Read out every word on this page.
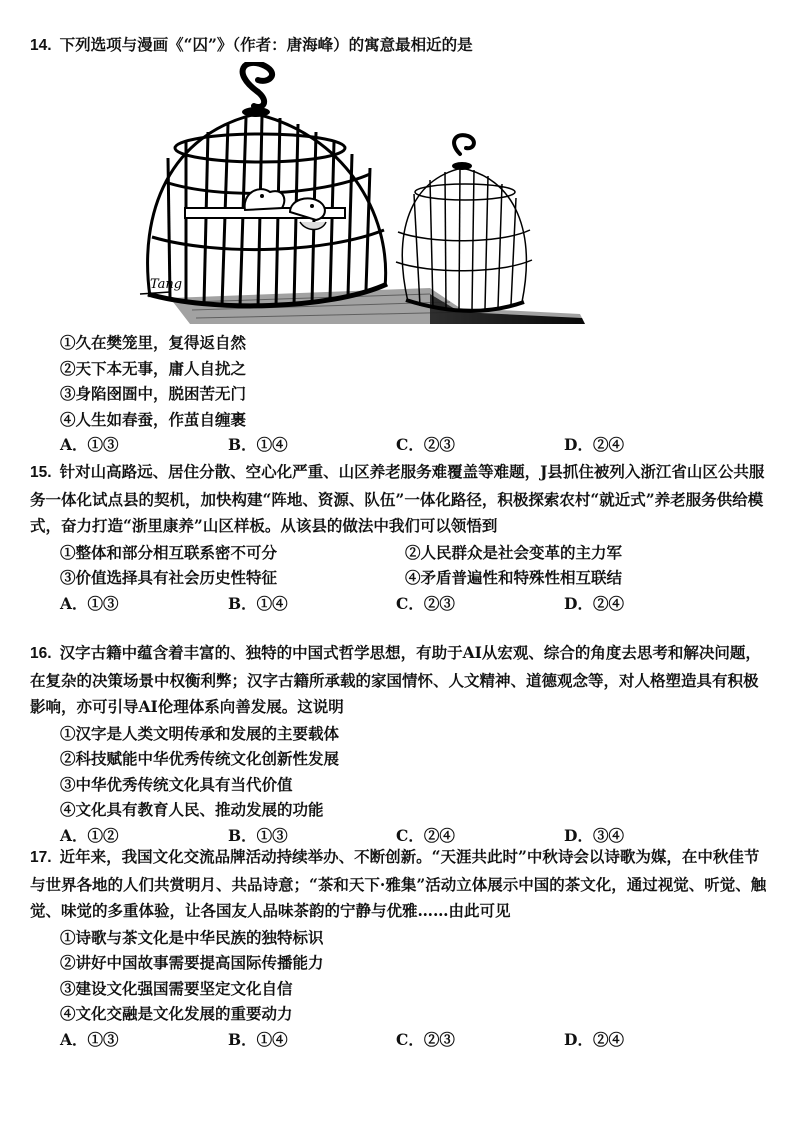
14. 下列选项与漫画《“囚”》（作者：唐海峰）的寓意最相近的是
Tang
①久在樊笼里，复得返自然
②天下本无事，庸人自扰之
③身陷囹圄中，脱困苦无门
④人生如春蚕，作茧自缠裹
A．①③	B．①④	C．②③	D．②④
15. 针对山高路远、居住分散、空心化严重、山区养老服务难覆盖等难题，J县抓住被列入浙江省山区公共服务一体化试点县的契机，加快构建“阵地、资源、队伍”一体化路径，积极探索农村“就近式”养老服务供给模式，奋力打造“浙里康养”山区样板。从该县的做法中我们可以领悟到
①整体和部分相互联系密不可分	②人民群众是社会变革的主力军
③价值选择具有社会历史性特征	④矛盾普遍性和特殊性相互联结
A．①③	B．①④	C．②③	D．②④
16. 汉字古籍中蕴含着丰富的、独特的中国式哲学思想，有助于AI从宏观、综合的角度去思考和解决问题，在复杂的决策场景中权衡利弊；汉字古籍所承载的家国情怀、人文精神、道德观念等，对人格塑造具有积极影响，亦可引导AI伦理体系向善发展。这说明
①汉字是人类文明传承和发展的主要载体
②科技赋能中华优秀传统文化创新性发展
③中华优秀传统文化具有当代价值
④文化具有教育人民、推动发展的功能
A．①②	B．①③	C．②④	D．③④
17. 近年来，我国文化交流品牌活动持续举办、不断创新。“天涯共此时”中秋诗会以诗歌为媒，在中秋佳节与世界各地的人们共赏明月、共品诗意；“茶和天下·雅集”活动立体展示中国的茶文化，通过视觉、听觉、触觉、味觉的多重体验，让各国友人品味茶韵的宁静与优雅……由此可见
①诗歌与茶文化是中华民族的独特标识
②讲好中国故事需要提高国际传播能力
③建设文化强国需要坚定文化自信
④文化交融是文化发展的重要动力
A．①③	B．①④	C．②③	D．②④
